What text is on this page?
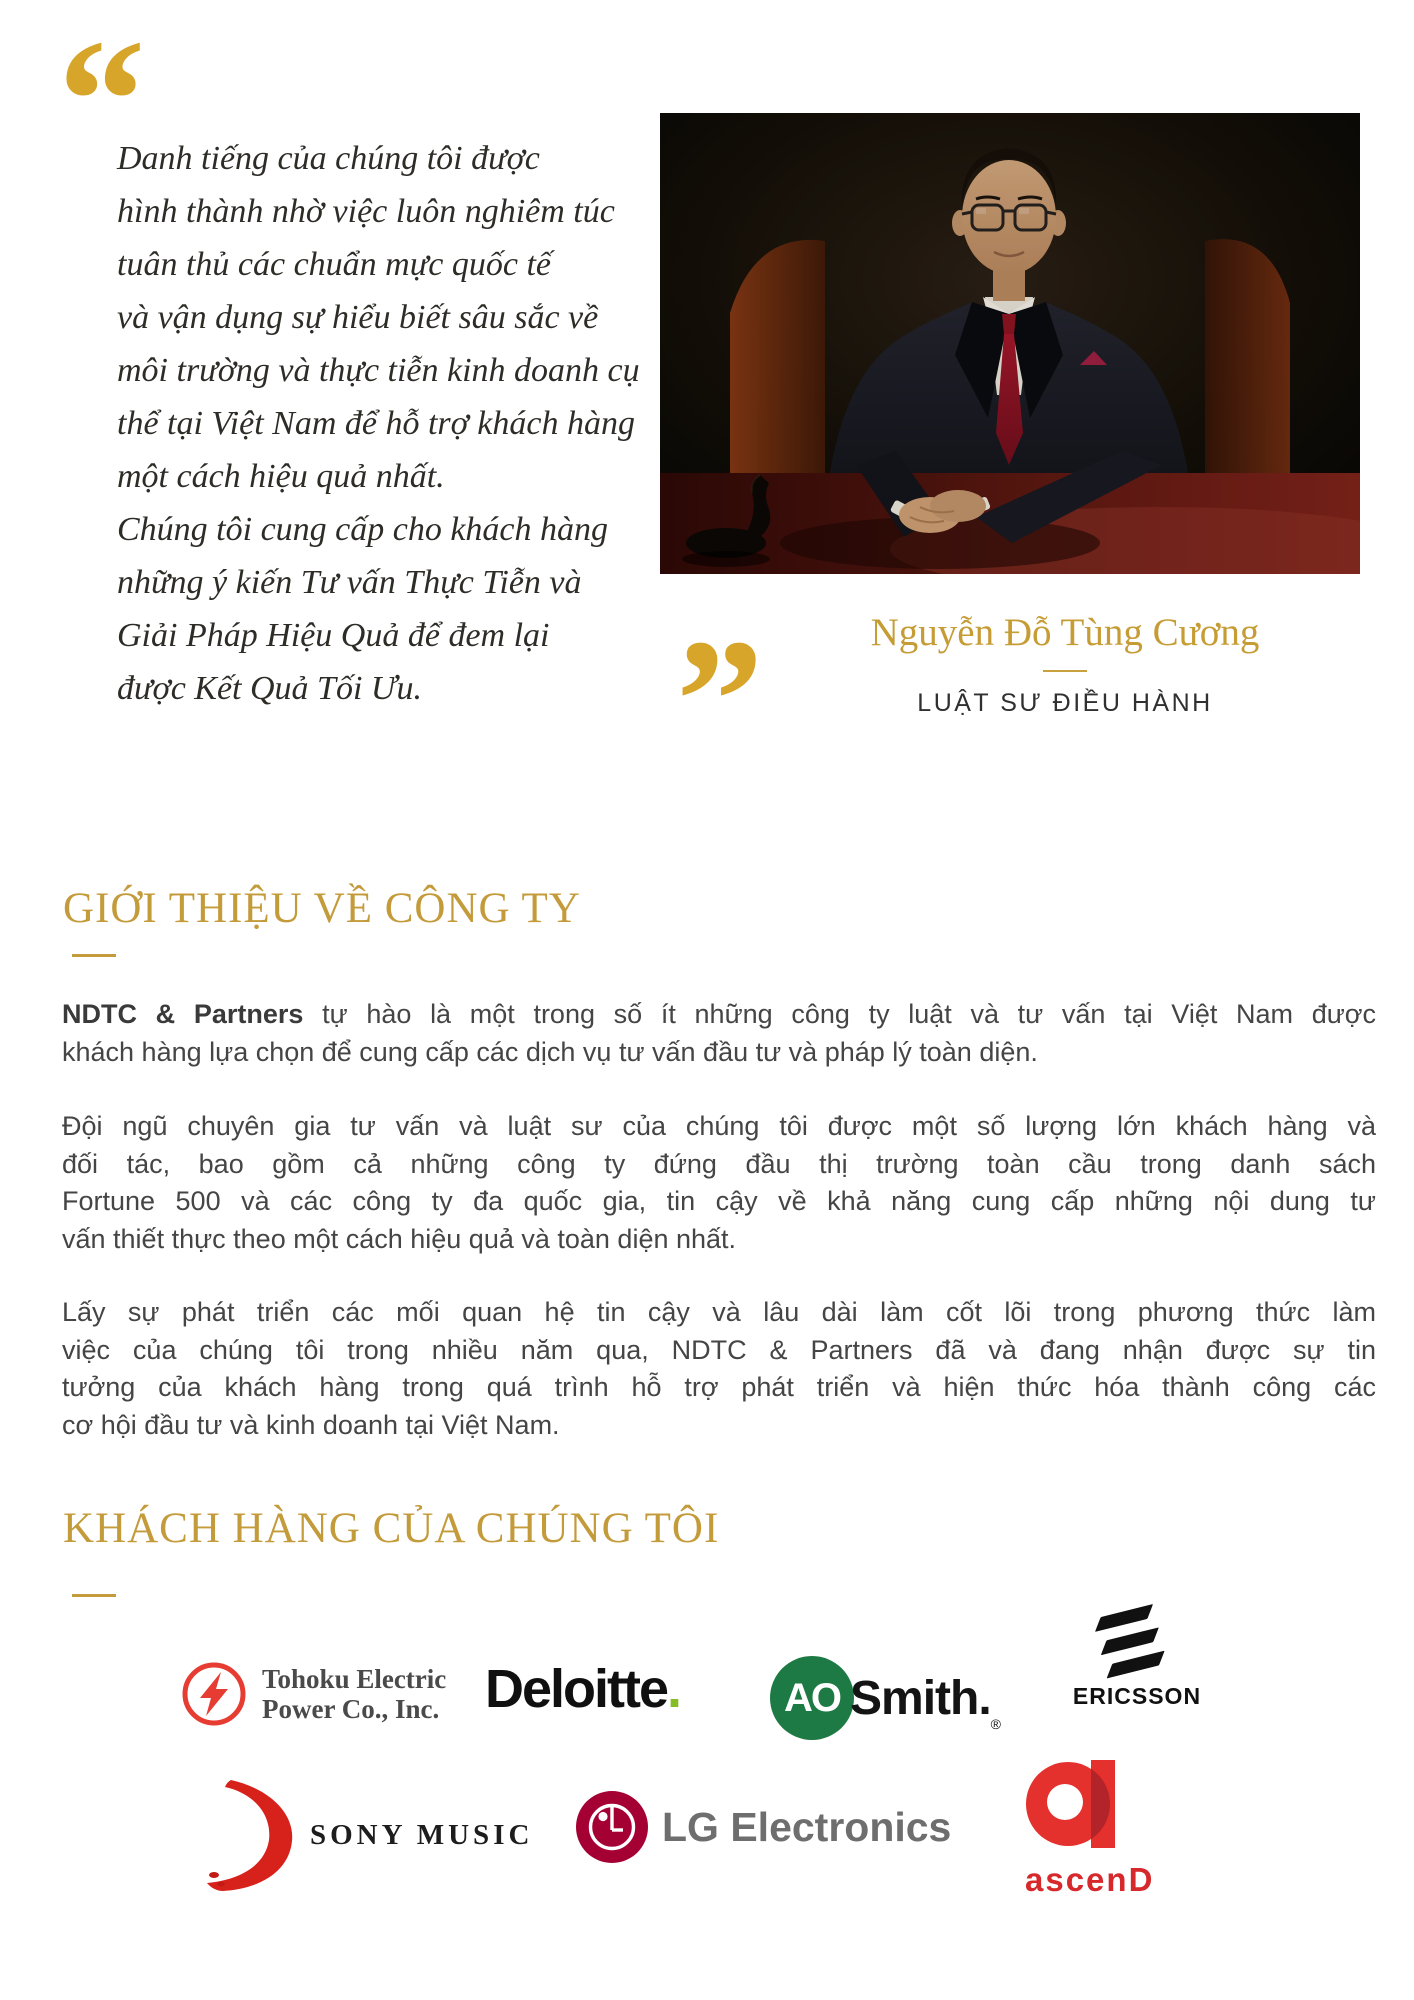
“
Danh tiếng của chúng tôi được
hình thành nhờ việc luôn nghiêm túc
tuân thủ các chuẩn mực quốc tế
và vận dụng sự hiểu biết sâu sắc về
môi trường và thực tiễn kinh doanh cụ
thể tại Việt Nam để hỗ trợ khách hàng
một cách hiệu quả nhất.
Chúng tôi cung cấp cho khách hàng
những ý kiến Tư vấn Thực Tiễn và
Giải Pháp Hiệu Quả để đem lại
được Kết Quả Tối Ưu.	”	Nguyễn Đỗ Tùng Cương

LUẬT SƯ ĐIỀU HÀNH
GIỚI THIỆU VỀ CÔNG TY
NDTC & Partners tự hào là một trong số ít những công ty luật và tư vấn tại Việt Nam được
khách hàng lựa chọn để cung cấp các dịch vụ tư vấn đầu tư và pháp lý toàn diện.
Đội ngũ chuyên gia tư vấn và luật sư của chúng tôi được một số lượng lớn khách hàng và
đối tác, bao gồm cả những công ty đứng đầu thị trường toàn cầu trong danh sách
Fortune 500 và các công ty đa quốc gia, tin cậy về khả năng cung cấp những nội dung tư
vấn thiết thực theo một cách hiệu quả và toàn diện nhất.
Lấy sự phát triển các mối quan hệ tin cậy và lâu dài làm cốt lõi trong phương thức làm
việc của chúng tôi trong nhiều năm qua, NDTC & Partners đã và đang nhận được sự tin
tưởng của khách hàng trong quá trình hỗ trợ phát triển và hiện thức hóa thành công các
cơ hội đầu tư và kinh doanh tại Việt Nam.
KHÁCH HÀNG CỦA CHÚNG TÔI
Tohoku Electric
Power Co., Inc. Deloitte.	AO Smith. ®
ERICSSON
SONY MUSIC	LG Electronics
ascenD
